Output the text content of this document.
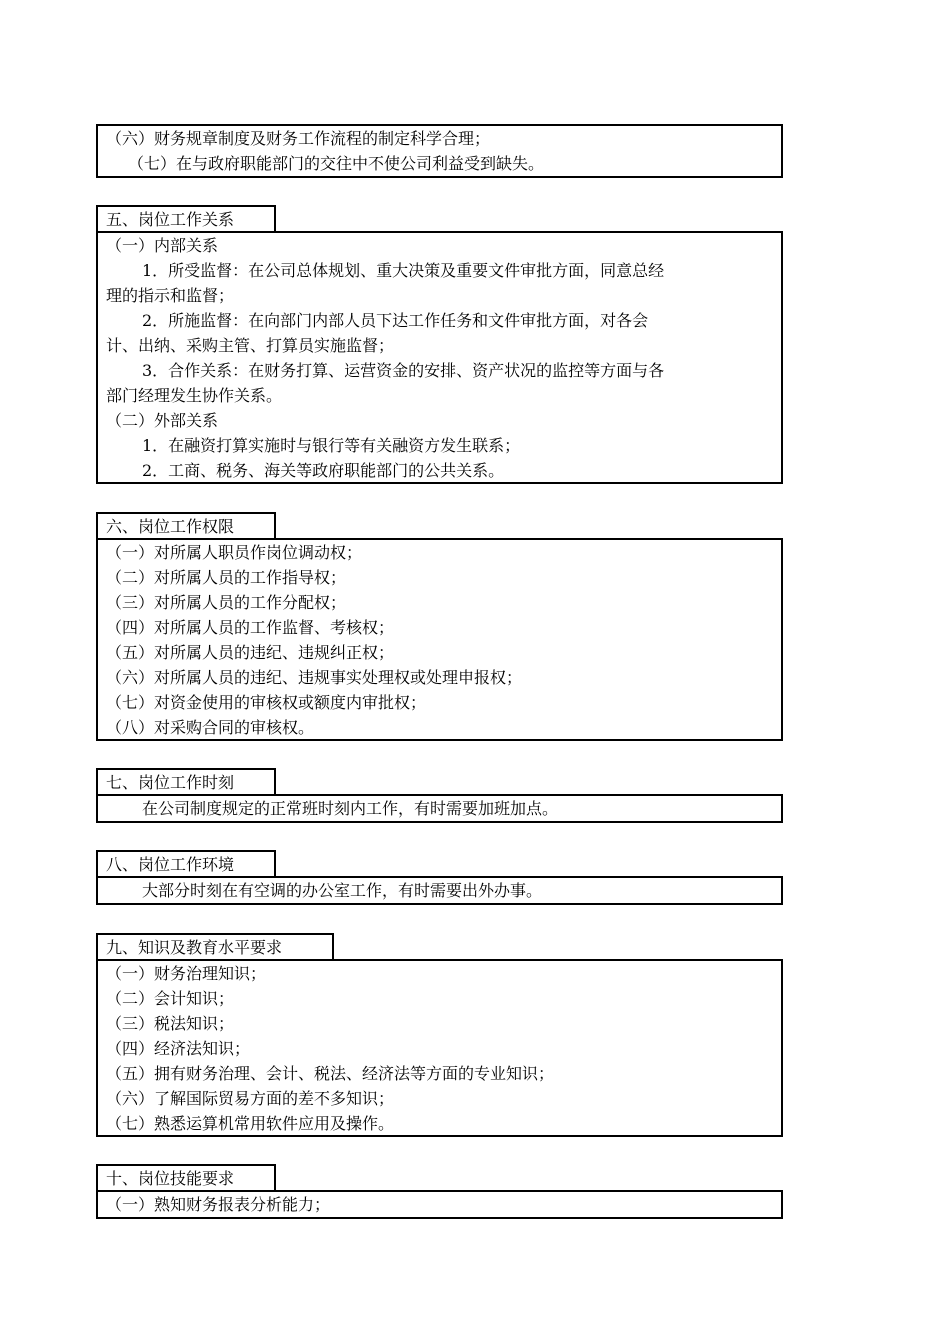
（六）财务规章制度及财务工作流程的制定科学合理；
（七）在与政府职能部门的交往中不使公司利益受到缺失。
五、岗位工作关系
（一）内部关系
1．所受监督：在公司总体规划、重大决策及重要文件审批方面，同意总经
理的指示和监督；
2．所施监督：在向部门内部人员下达工作任务和文件审批方面，对各会
计、出纳、采购主管、打算员实施监督；
3．合作关系：在财务打算、运营资金的安排、资产状况的监控等方面与各
部门经理发生协作关系。
（二）外部关系
1．在融资打算实施时与银行等有关融资方发生联系；
2．工商、税务、海关等政府职能部门的公共关系。
六、岗位工作权限
（一）对所属人职员作岗位调动权；
（二）对所属人员的工作指导权；
（三）对所属人员的工作分配权；
（四）对所属人员的工作监督、考核权；
（五）对所属人员的违纪、违规纠正权；
（六）对所属人员的违纪、违规事实处理权或处理申报权；
（七）对资金使用的审核权或额度内审批权；
（八）对采购合同的审核权。
七、岗位工作时刻
在公司制度规定的正常班时刻内工作，有时需要加班加点。
八、岗位工作环境
大部分时刻在有空调的办公室工作，有时需要出外办事。
九、知识及教育水平要求
（一）财务治理知识；
（二）会计知识；
（三）税法知识；
（四）经济法知识；
（五）拥有财务治理、会计、税法、经济法等方面的专业知识；
（六）了解国际贸易方面的差不多知识；
（七）熟悉运算机常用软件应用及操作。
十、岗位技能要求
（一）熟知财务报表分析能力；
